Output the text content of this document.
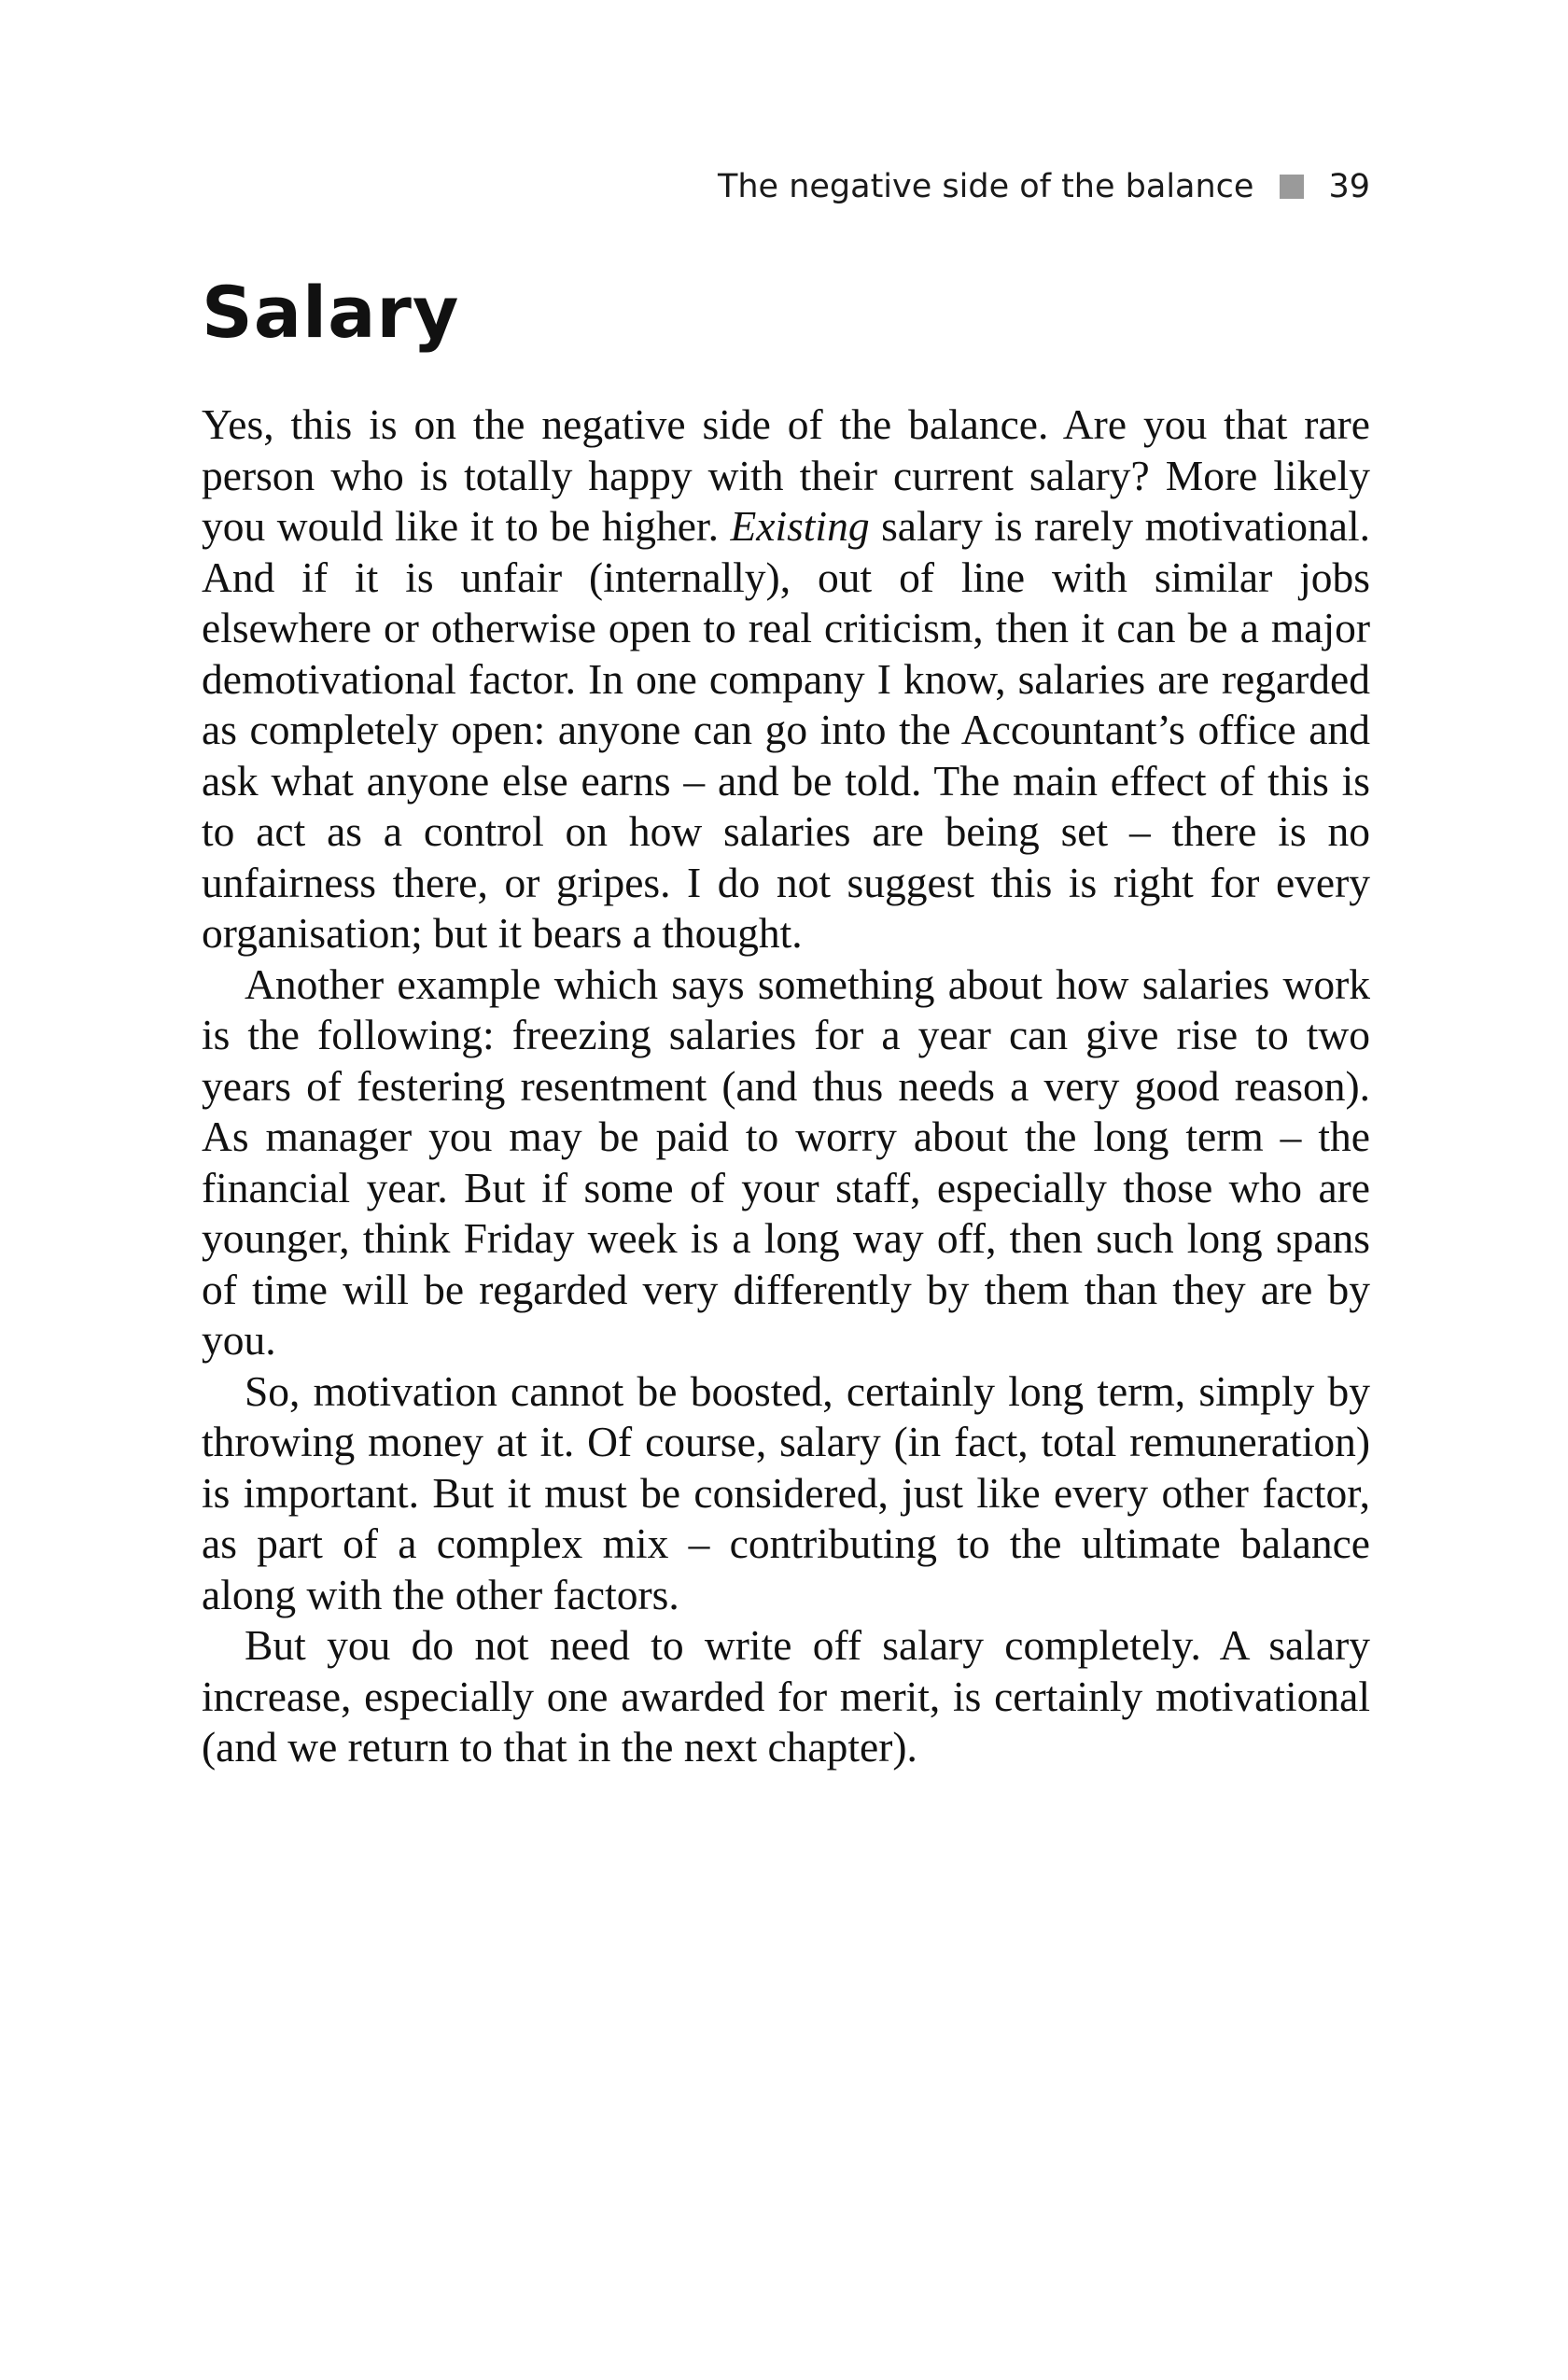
The negative side of the balance 39
Salary

Yes, this is on the negative side of the balance. Are you that rare person who is totally happy with their current salary? More likely you would like it to be higher. Existing salary is rarely motivational. And if it is unfair (internally), out of line with similar jobs elsewhere or otherwise open to real criticism, then it can be a major demotivational factor. In one company I know, salaries are regarded as completely open: anyone can go into the Accountant’s office and ask what anyone else earns – and be told. The main effect of this is to act as a control on how salaries are being set – there is no unfairness there, or gripes. I do not suggest this is right for every organisation; but it bears a thought.

Another example which says something about how salaries work is the following: freezing salaries for a year can give rise to two years of festering resentment (and thus needs a very good reason). As manager you may be paid to worry about the long term – the financial year. But if some of your staff, especially those who are younger, think Friday week is a long way off, then such long spans of time will be regarded very differently by them than they are by you.

So, motivation cannot be boosted, certainly long term, simply by throwing money at it. Of course, salary (in fact, total remuneration) is important. But it must be considered, just like every other factor, as part of a complex mix – contributing to the ultimate balance along with the other factors.

But you do not need to write off salary completely. A salary increase, especially one awarded for merit, is certainly motivational (and we return to that in the next chapter).
